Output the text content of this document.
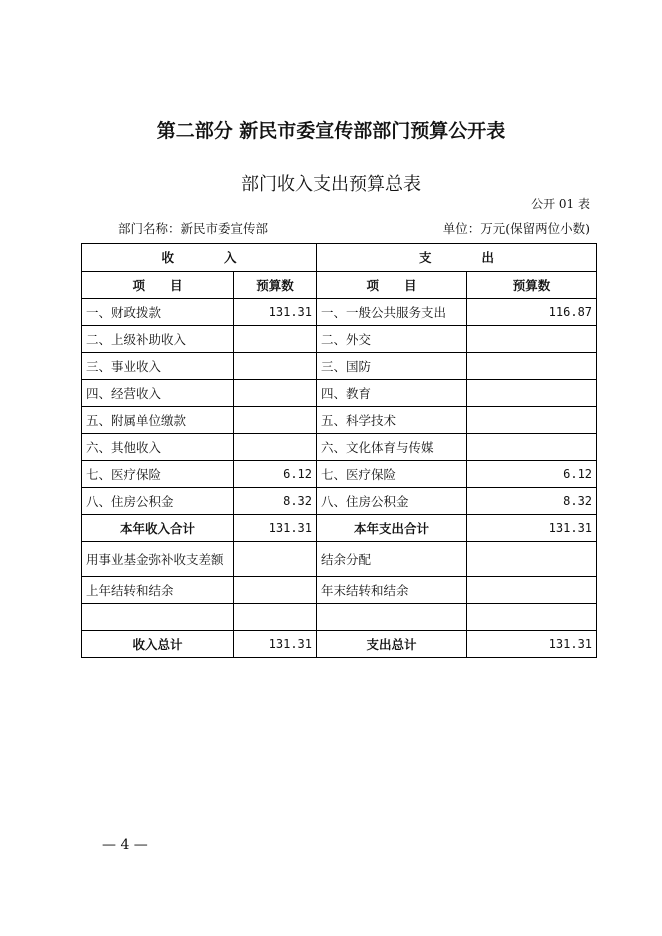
第二部分 新民市委宣传部部门预算公开表
部门收入支出预算总表
公开 01 表
部门名称：新民市委宣传部	单位：万元(保留两位小数)
收　　　　入		支　　　　出	
项　　目	预算数	项　　目	预算数
一、财政拨款	131.31	一、一般公共服务支出	116.87
二、上级补助收入		二、外交	
三、事业收入		三、国防	
四、经营收入		四、教育	
五、附属单位缴款		五、科学技术	
六、其他收入		六、文化体育与传媒	
七、医疗保险	6.12	七、医疗保险	6.12
八、住房公积金	8.32	八、住房公积金	8.32
本年收入合计	131.31	本年支出合计	131.31
用事业基金弥补收支差额		结余分配	
上年结转和结余		年末结转和结余	

收入总计	131.31	支出总计	131.31
— 4 —
